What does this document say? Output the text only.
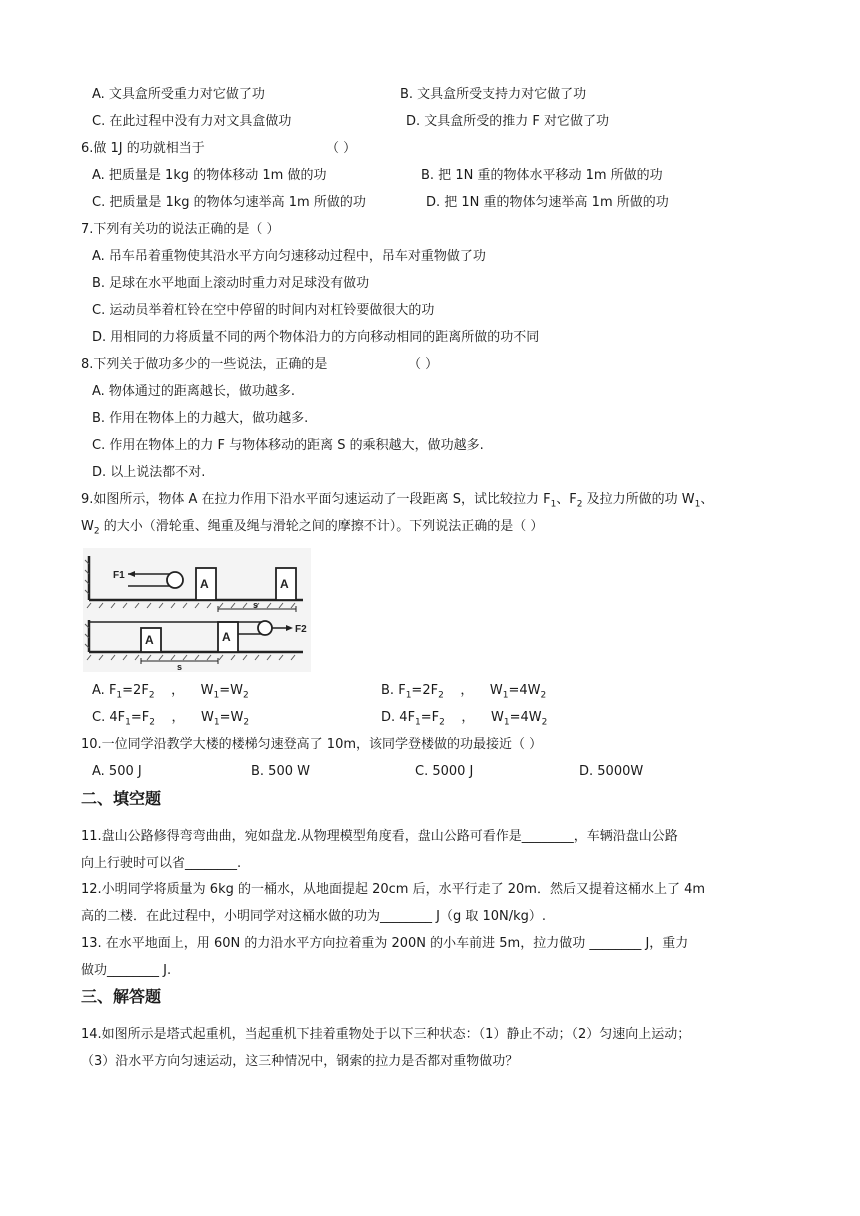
A. 文具盒所受重力对它做了功	B. 文具盒所受支持力对它做了功
C. 在此过程中没有力对文具盒做功	D. 文具盒所受的推力 F 对它做了功
6.做 1J 的功就相当于	（ ）
A. 把质量是 1kg 的物体移动 1m 做的功	B. 把 1N 重的物体水平移动 1m 所做的功
C. 把质量是 1kg 的物体匀速举高 1m 所做的功	D. 把 1N 重的物体匀速举高 1m 所做的功
7.下列有关功的说法正确的是（ ）
A. 吊车吊着重物使其沿水平方向匀速移动过程中，吊车对重物做了功
B. 足球在水平地面上滚动时重力对足球没有做功
C. 运动员举着杠铃在空中停留的时间内对杠铃要做很大的功
D. 用相同的力将质量不同的两个物体沿力的方向移动相同的距离所做的功不同
8.下列关于做功多少的一些说法，正确的是	（ ）
A. 物体通过的距离越长，做功越多.
B. 作用在物体上的力越大，做功越多.
C. 作用在物体上的力 F 与物体移动的距离 S 的乘积越大，做功越多.
D. 以上说法都不对.
9.如图所示，物体 A 在拉力作用下沿水平面匀速运动了一段距离 S，试比较拉力 $F_1$、$F_2$ 及拉力所做的功 $W_1$、
$W_2$ 的大小（滑轮重、绳重及绳与滑轮之间的摩擦不计）。下列说法正确的是（ ）
F1
A	A
s
A	A
F2
s
A. $F_1=2F_2$ ， $W_1=W_2$	B. $F_1=2F_2$ ， $W_1=4W_2$
C. $4F_1=F_2$ ， $W_1=W_2$	D. $4F_1=F_2$ ， $W_1=4W_2$
10.一位同学沿教学大楼的楼梯匀速登高了 10m，该同学登楼做的功最接近（ ）
A. 500 J	B. 500 W	C. 5000 J	D. 5000W
二、填空题
11.盘山公路修得弯弯曲曲，宛如盘龙.从物理模型角度看，盘山公路可看作是________，车辆沿盘山公路
向上行驶时可以省________.
12.小明同学将质量为 6kg 的一桶水，从地面提起 20cm 后，水平行走了 20m．然后又提着这桶水上了 4m
高的二楼．在此过程中，小明同学对这桶水做的功为________ J（g 取 10N/kg）.
13. 在水平地面上，用 60N 的力沿水平方向拉着重为 200N 的小车前进 5m，拉力做功 ________ J，重力
做功________ J.
三、解答题
14.如图所示是塔式起重机，当起重机下挂着重物处于以下三种状态：（1）静止不动；（2）匀速向上运动；
（3）沿水平方向匀速运动，这三种情况中，钢索的拉力是否都对重物做功？
